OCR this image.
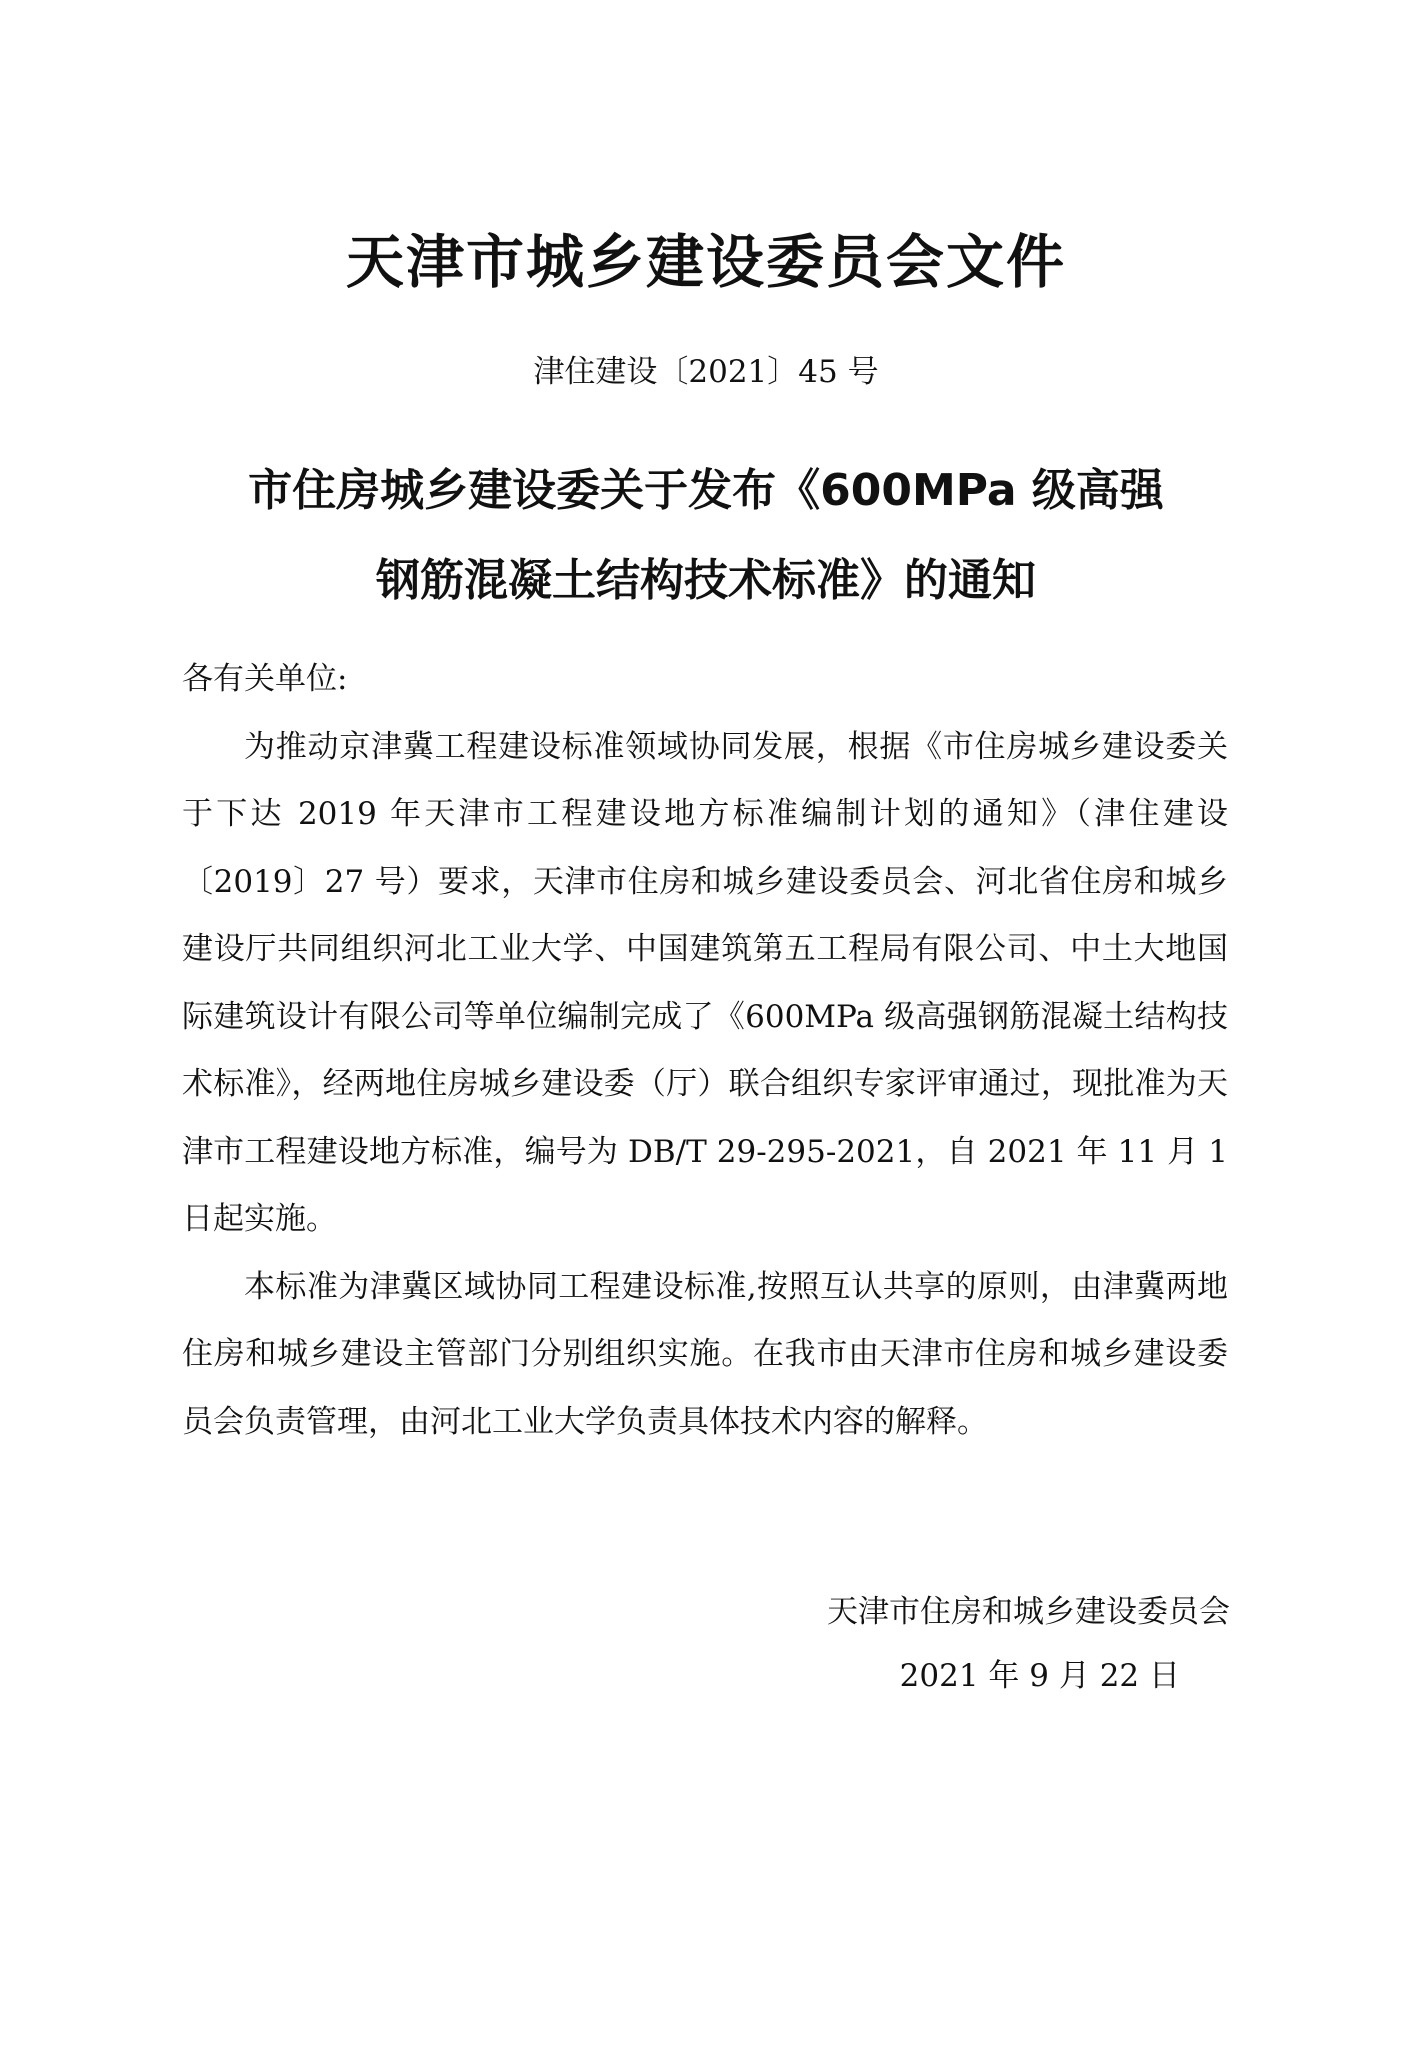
天津市城乡建设委员会文件
津住建设〔2021〕45 号
市住房城乡建设委关于发布《600MPa 级高强
钢筋混凝土结构技术标准》的通知

各有关单位:

为推动京津冀工程建设标准领域协同发展，根据《市住房城乡建设委关于下达 2019 年天津市工程建设地方标准编制计划的通知》（津住建设〔2019〕27 号）要求，天津市住房和城乡建设委员会、河北省住房和城乡建设厅共同组织河北工业大学、中国建筑第五工程局有限公司、中土大地国际建筑设计有限公司等单位编制完成了《600MPa 级高强钢筋混凝土结构技术标准》，经两地住房城乡建设委（厅）联合组织专家评审通过，现批准为天津市工程建设地方标准，编号为 DB/T 29-295-2021，自 2021 年 11 月 1 日起实施。

本标准为津冀区域协同工程建设标准,按照互认共享的原则，由津冀两地住房和城乡建设主管部门分别组织实施。在我市由天津市住房和城乡建设委员会负责管理，由河北工业大学负责具体技术内容的解释。

天津市住房和城乡建设委员会
2021 年 9 月 22 日
